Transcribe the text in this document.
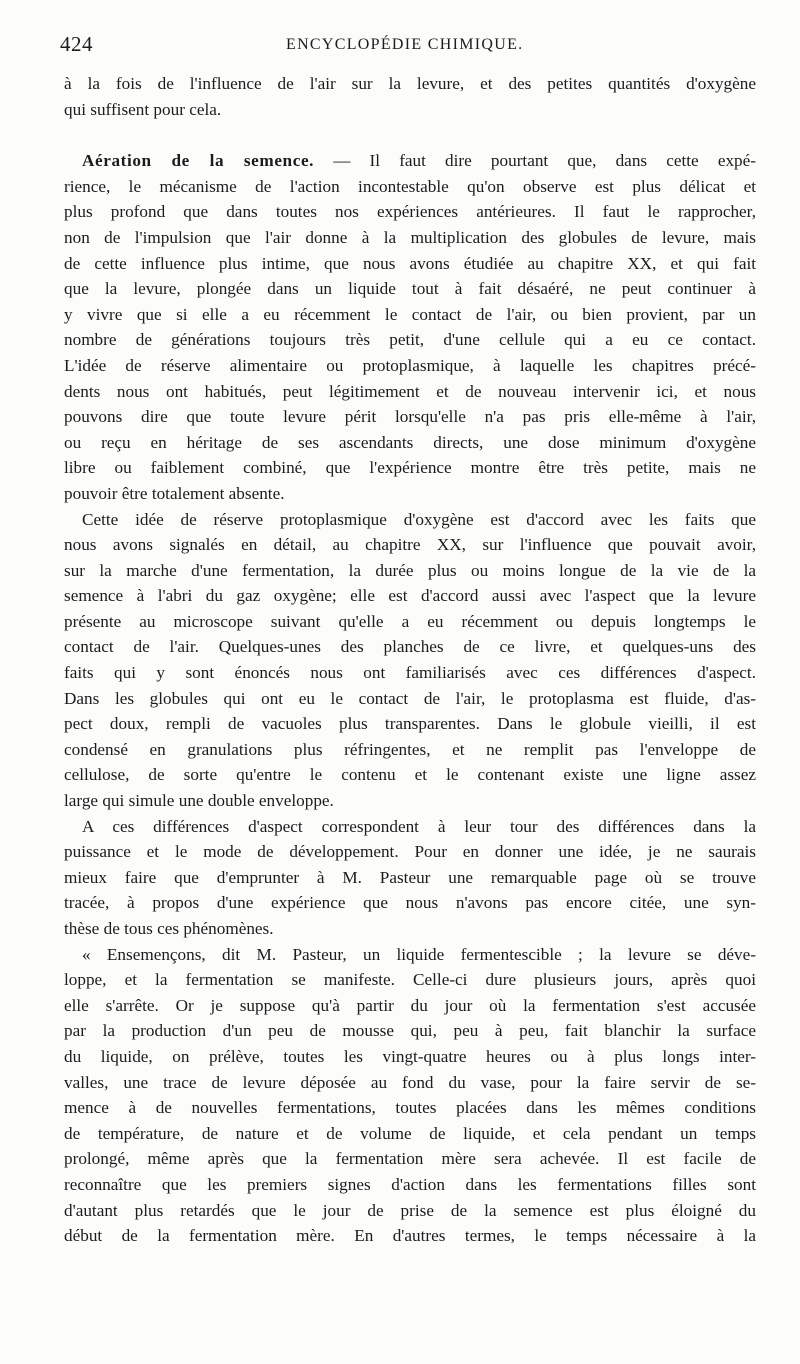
424	ENCYCLOPÉDIE CHIMIQUE.
à la fois de l'influence de l'air sur la levure, et des petites quantités d'oxygène
qui suffisent pour cela.
Aération de la semence. — Il faut dire pourtant que, dans cette expé-
rience, le mécanisme de l'action incontestable qu'on observe est plus délicat et
plus profond que dans toutes nos expériences antérieures. Il faut le rapprocher,
non de l'impulsion que l'air donne à la multiplication des globules de levure, mais
de cette influence plus intime, que nous avons étudiée au chapitre XX, et qui fait
que la levure, plongée dans un liquide tout à fait désaéré, ne peut continuer à
y vivre que si elle a eu récemment le contact de l'air, ou bien provient, par un
nombre de générations toujours très petit, d'une cellule qui a eu ce contact.
L'idée de réserve alimentaire ou protoplasmique, à laquelle les chapitres précé-
dents nous ont habitués, peut légitimement et de nouveau intervenir ici, et nous
pouvons dire que toute levure périt lorsqu'elle n'a pas pris elle-même à l'air,
ou reçu en héritage de ses ascendants directs, une dose minimum d'oxygène
libre ou faiblement combiné, que l'expérience montre être très petite, mais ne
pouvoir être totalement absente.
Cette idée de réserve protoplasmique d'oxygène est d'accord avec les faits que
nous avons signalés en détail, au chapitre XX, sur l'influence que pouvait avoir,
sur la marche d'une fermentation, la durée plus ou moins longue de la vie de la
semence à l'abri du gaz oxygène; elle est d'accord aussi avec l'aspect que la levure
présente au microscope suivant qu'elle a eu récemment ou depuis longtemps le
contact de l'air. Quelques-unes des planches de ce livre, et quelques-uns des
faits qui y sont énoncés nous ont familiarisés avec ces différences d'aspect.
Dans les globules qui ont eu le contact de l'air, le protoplasma est fluide, d'as-
pect doux, rempli de vacuoles plus transparentes. Dans le globule vieilli, il est
condensé en granulations plus réfringentes, et ne remplit pas l'enveloppe de
cellulose, de sorte qu'entre le contenu et le contenant existe une ligne assez
large qui simule une double enveloppe.
A ces différences d'aspect correspondent à leur tour des différences dans la
puissance et le mode de développement. Pour en donner une idée, je ne saurais
mieux faire que d'emprunter à M. Pasteur une remarquable page où se trouve
tracée, à propos d'une expérience que nous n'avons pas encore citée, une syn-
thèse de tous ces phénomènes.
« Ensemençons, dit M. Pasteur, un liquide fermentescible ; la levure se déve-
loppe, et la fermentation se manifeste. Celle-ci dure plusieurs jours, après quoi
elle s'arrête. Or je suppose qu'à partir du jour où la fermentation s'est accusée
par la production d'un peu de mousse qui, peu à peu, fait blanchir la surface
du liquide, on prélève, toutes les vingt-quatre heures ou à plus longs inter-
valles, une trace de levure déposée au fond du vase, pour la faire servir de se-
mence à de nouvelles fermentations, toutes placées dans les mêmes conditions
de température, de nature et de volume de liquide, et cela pendant un temps
prolongé, même après que la fermentation mère sera achevée. Il est facile de
reconnaître que les premiers signes d'action dans les fermentations filles sont
d'autant plus retardés que le jour de prise de la semence est plus éloigné du
début de la fermentation mère. En d'autres termes, le temps nécessaire à la
